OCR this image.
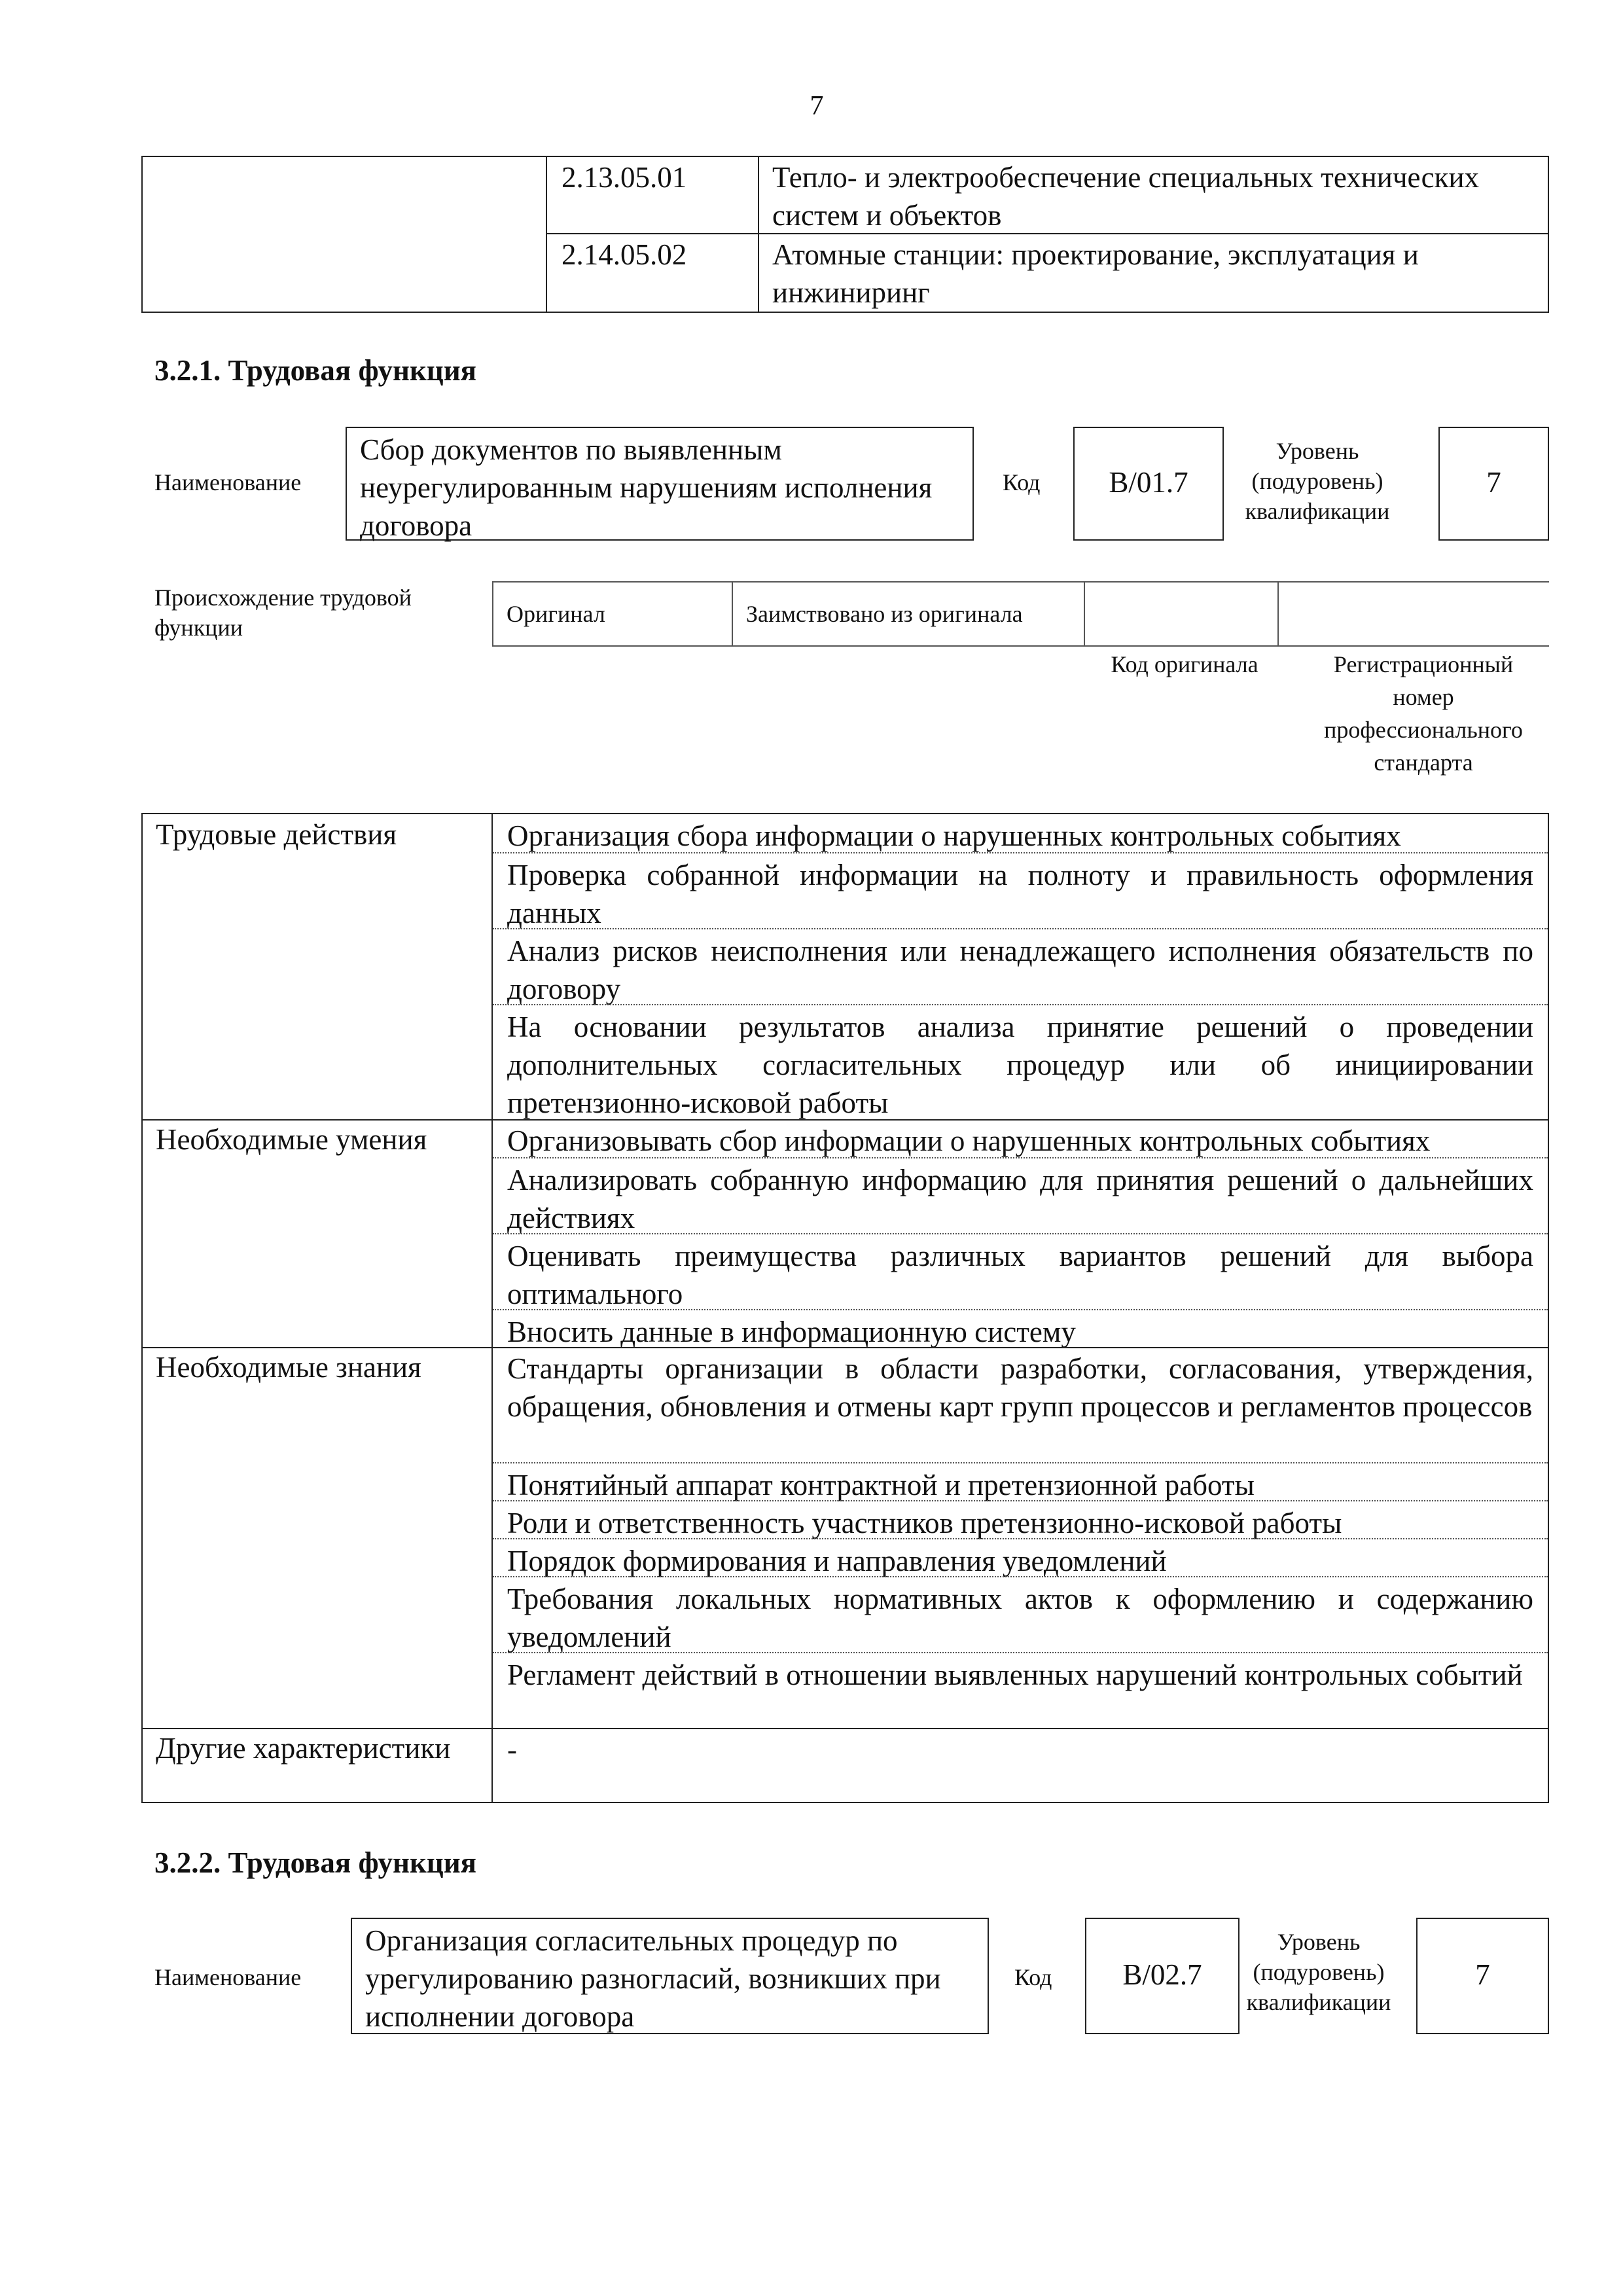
7
2.13.05.01	Тепло- и электрообеспечение специальных технических систем и объектов
2.14.05.02	Атомные станции: проектирование, эксплуатация и инжиниринг
3.2.1. Трудовая функция
Наименование
Сбор документов по выявленным неурегулированным нарушениям исполнения договора
Код	B/01.7
Уровень (подуровень) квалификации
7
Происхождение трудовой функции
Оригинал	Заимствовано из оригинала
Код оригинала	Регистрационный номер профессионального стандарта
Трудовые действия	Организация сбора информации о нарушенных контрольных событиях
Проверка собранной информации на полноту и правильность оформления данных
Анализ рисков неисполнения или ненадлежащего исполнения обязательств по договору
На основании результатов анализа принятие решений о проведении дополнительных согласительных процедур или об инициировании претензионно-исковой работы
Необходимые умения	Организовывать сбор информации о нарушенных контрольных событиях
Анализировать собранную информацию для принятия решений о дальнейших действиях
Оценивать преимущества различных вариантов решений для выбора оптимального
Вносить данные в информационную систему
Необходимые знания	Стандарты организации в области разработки, согласования, утверждения, обращения, обновления и отмены карт групп процессов и регламентов процессов
Понятийный аппарат контрактной и претензионной работы
Роли и ответственность участников претензионно-исковой работы
Порядок формирования и направления уведомлений
Требования локальных нормативных актов к оформлению и содержанию уведомлений
Регламент действий в отношении выявленных нарушений контрольных событий
Другие характеристики	-
3.2.2. Трудовая функция
Наименование
Организация согласительных процедур по урегулированию разногласий, возникших при исполнении договора
Код	B/02.7
Уровень (подуровень) квалификации
7
